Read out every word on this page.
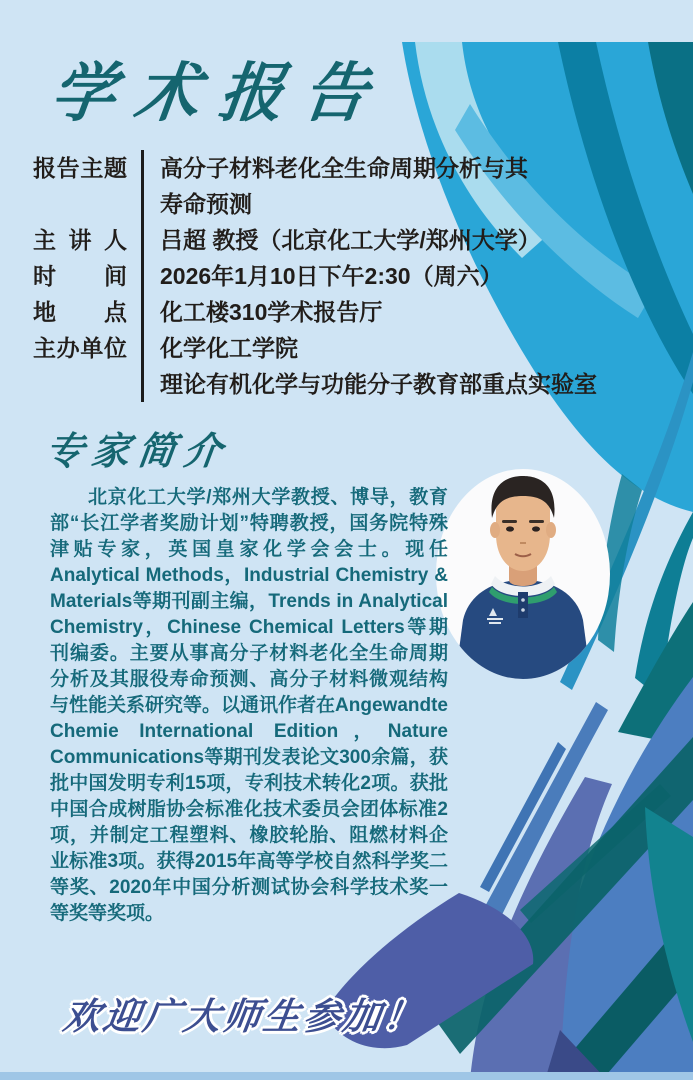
学术报告
报告主题	高分子材料老化全生命周期分析与其
寿命预测
主讲人	吕超 教授（北京化工大学/郑州大学）
时间	2026年1月10日下午2:30（周六）
地点	化工楼310学术报告厅
主办单位	化学化工学院
理论有机化学与功能分子教育部重点实验室
专家简介
北京化工大学/郑州大学教授、博导，教育部“长江学者奖励计划”特聘教授，国务院特殊津贴专家，英国皇家化学会会士。现任Analytical Methods，Industrial Chemistry & Materials等期刊副主编，Trends in Analytical Chemistry，Chinese Chemical Letters等期刊编委。主要从事高分子材料老化全生命周期分析及其服役寿命预测、高分子材料微观结构与性能关系研究等。以通讯作者在Angewandte Chemie International Edition，Nature Communications等期刊发表论文300余篇，获批中国发明专利15项，专利技术转化2项。获批中国合成树脂协会标准化技术委员会团体标准2项，并制定工程塑料、橡胶轮胎、阻燃材料企业标准3项。获得2015年高等学校自然科学奖二等奖、2020年中国分析测试协会科学技术奖一等奖等奖项。
欢迎广大师生参加！
